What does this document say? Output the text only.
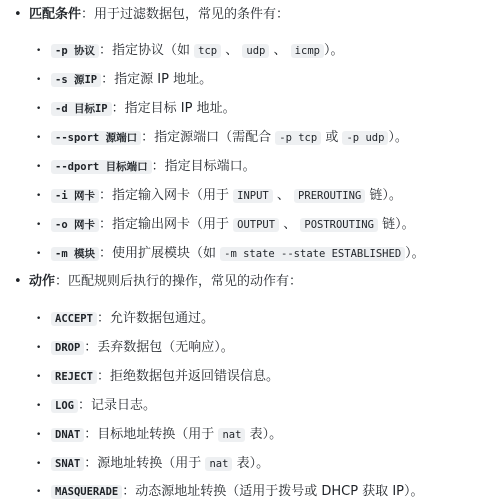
• 匹配条件：用于过滤数据包，常见的条件有：
•	-p 协议 ：指定协议（如 tcp 、 udp 、 icmp ）。
•	-s 源IP ：指定源 IP 地址。
•	-d 目标IP ：指定目标 IP 地址。
•	--sport 源端口 ：指定源端口（需配合 -p tcp 或 -p udp ）。
•	--dport 目标端口 ：指定目标端口。
•	-i 网卡 ：指定输入网卡（用于 INPUT 、 PREROUTING 链）。
•	-o 网卡 ：指定输出网卡（用于 OUTPUT 、 POSTROUTING 链）。
•	-m 模块 ：使用扩展模块（如 -m state --state ESTABLISHED ）。
• 动作：匹配规则后执行的操作，常见的动作有：
•	ACCEPT ：允许数据包通过。
•	DROP ：丢弃数据包（无响应）。
•	REJECT ：拒绝数据包并返回错误信息。
•	LOG ：记录日志。
•	DNAT ：目标地址转换（用于 nat 表）。
•	SNAT ：源地址转换（用于 nat 表）。
•	MASQUERADE ：动态源地址转换（适用于拨号或 DHCP 获取 IP）。
